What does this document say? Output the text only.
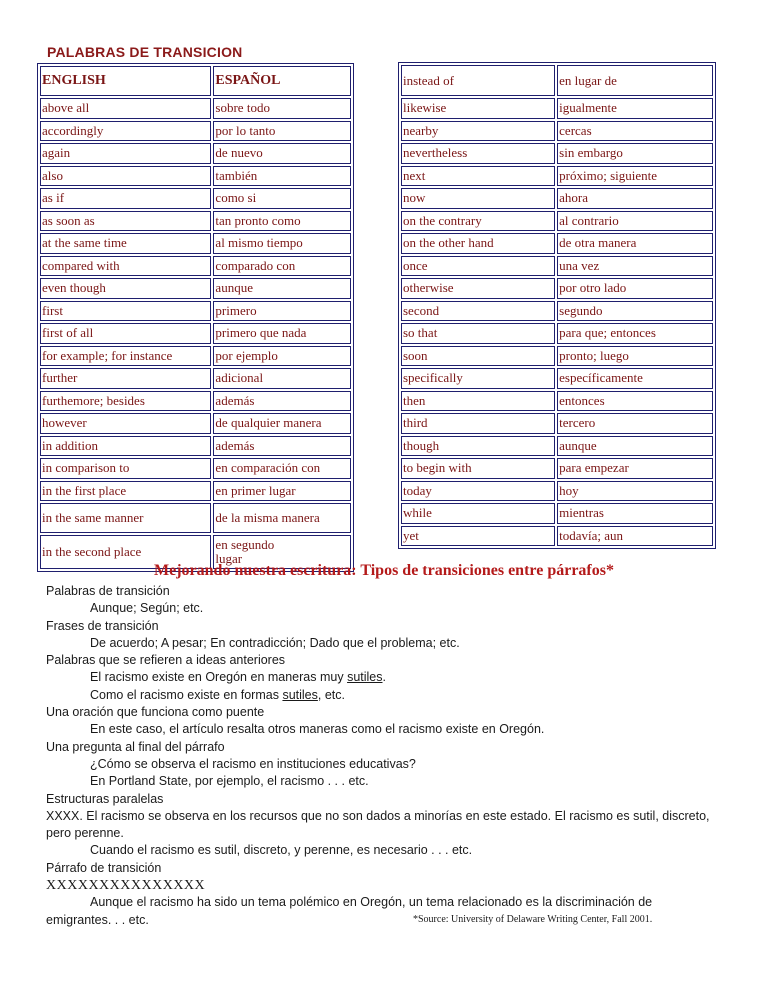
PALABRAS DE TRANSICION
ENGLISH	ESPAÑOL
above all	sobre todo
accordingly	por lo tanto
again	de nuevo
also	también
as if	como si
as soon as	tan pronto como
at the same time	al mismo tiempo
compared with	comparado con
even though	aunque
first	primero
first of all	primero que nada
for example; for instance	por ejemplo
further	adicional
furthemore; besides	además
however	de qualquier manera
in addition	además
in comparison to	en comparación con
in the first place	en primer lugar
in the same manner	de la misma manera
in the second place	en segundo
lugar
instead of	en lugar de
likewise	igualmente
nearby	cercas
nevertheless	sin embargo
next	próximo; siguiente
now	ahora
on the contrary	al contrario
on the other hand	de otra manera
once	una vez
otherwise	por otro lado
second	segundo
so that	para que; entonces
soon	pronto; luego
specifically	específicamente
then	entonces
third	tercero
though	aunque
to begin with	para empezar
today	hoy
while	mientras
yet	todavía; aun
Mejorando nuestra escritura: Tipos de transiciones entre párrafos*
Palabras de transición
Aunque; Según; etc.
Frases de transición
De acuerdo; A pesar; En contradicción; Dado que el problema; etc.
Palabras que se refieren a ideas anteriores
El racismo existe en Oregón en maneras muy sutiles.
Como el racismo existe en formas sutiles, etc.
Una oración que funciona como puente
En este caso, el artículo resalta otros maneras como el racismo existe en Oregón.
Una pregunta al final del párrafo
¿Cómo se observa el racismo en instituciones educativas?
En Portland State, por ejemplo, el racismo . . . etc.
Estructuras paralelas
XXXX. El racismo se observa en los recursos que no son dados a minorías en este estado. El racismo es sutil, discreto, pero perenne.
Cuando el racismo es sutil, discreto, y perenne, es necesario . . . etc.
Párrafo de transición
XXXXXXXXXXXXXXX
Aunque el racismo ha sido un tema polémico en Oregón, un tema relacionado es la discriminación de
emigrantes. . . etc.	*Source: University of Delaware Writing Center, Fall 2001.
